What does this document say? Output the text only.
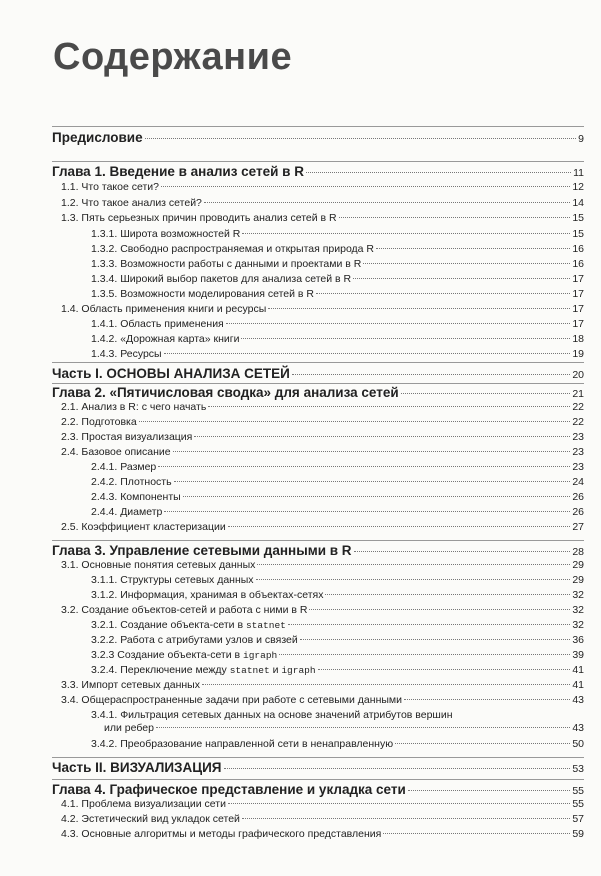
Содержание
Предисловие	9
Глава 1. Введение в анализ сетей в R	11
1.1. Что такое сети?	12
1.2. Что такое анализ сетей?	14
1.3. Пять серьезных причин проводить анализ сетей в R	15
1.3.1. Широта возможностей R	15
1.3.2. Свободно распространяемая и открытая природа R	16
1.3.3. Возможности работы с данными и проектами в R	16
1.3.4. Широкий выбор пакетов для анализа сетей в R	17
1.3.5. Возможности моделирования сетей в R	17
1.4. Область применения книги и ресурсы	17
1.4.1. Область применения	17
1.4.2. «Дорожная карта» книги	18
1.4.3. Ресурсы	19
Часть I. ОСНОВЫ АНАЛИЗА СЕТЕЙ	20
Глава 2. «Пятичисловая сводка» для анализа сетей	21
2.1. Анализ в R: с чего начать	22
2.2. Подготовка	22
2.3. Простая визуализация	23
2.4. Базовое описание	23
2.4.1. Размер	23
2.4.2. Плотность	24
2.4.3. Компоненты	26
2.4.4. Диаметр	26
2.5. Коэффициент кластеризации	27
Глава 3. Управление сетевыми данными в R	28
3.1. Основные понятия сетевых данных	29
3.1.1. Структуры сетевых данных	29
3.1.2. Информация, хранимая в объектах-сетях	32
3.2. Создание объектов-сетей и работа с ними в R	32
3.2.1. Создание объекта-сети в statnet	32
3.2.2. Работа с атрибутами узлов и связей	36
3.2.3 Создание объекта-сети в igraph	39
3.2.4. Переключение между statnet и igraph	41
3.3. Импорт сетевых данных	41
3.4. Общераспространенные задачи при работе с сетевыми данными	43
3.4.1. Фильтрация сетевых данных на основе значений атрибутов вершин
или ребер	43
3.4.2. Преобразование направленной сети в ненаправленную	50
Часть II. ВИЗУАЛИЗАЦИЯ	53
Глава 4. Графическое представление и укладка сети	55
4.1. Проблема визуализации сети	55
4.2. Эстетический вид укладок сетей	57
4.3. Основные алгоритмы и методы графического представления	59
